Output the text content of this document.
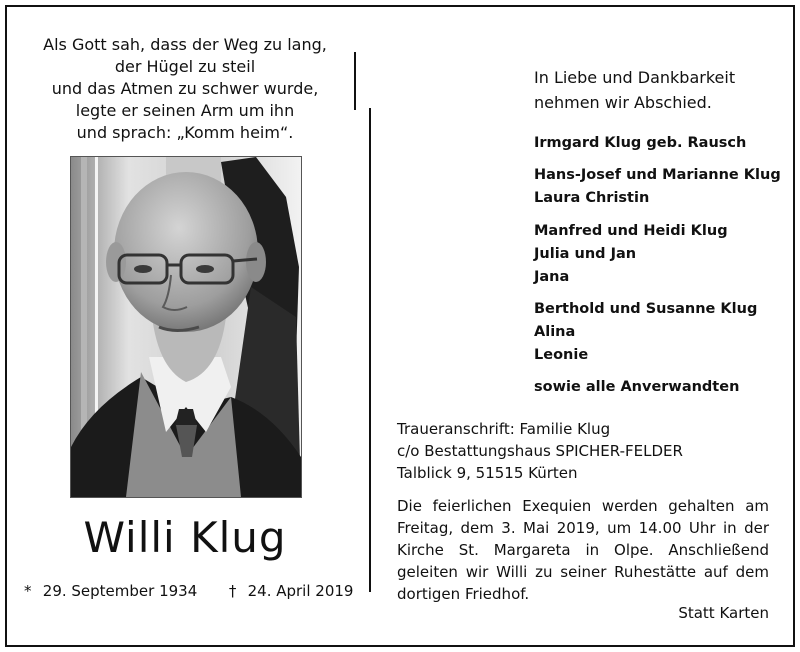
Als Gott sah, dass der Weg zu lang,
der Hügel zu steil
und das Atmen zu schwer wurde,
legte er seinen Arm um ihn
und sprach: „Komm heim“.
Willi Klug
* 29. September 1934 † 24. April 2019
In Liebe und Dankbarkeit
nehmen wir Abschied.
Irmgard Klug geb. Rausch
Hans-Josef und Marianne Klug
Laura Christin
Manfred und Heidi Klug
Julia und Jan
Jana
Berthold und Susanne Klug
Alina
Leonie
sowie alle Anverwandten
Traueranschrift: Familie Klug
c/o Bestattungshaus SPICHER-FELDER
Talblick 9, 51515 Kürten
Die feierlichen Exequien werden gehalten am
Freitag, dem 3. Mai 2019, um 14.00 Uhr in der
Kirche St. Margareta in Olpe. Anschließend
geleiten wir Willi zu seiner Ruhestätte auf dem
dortigen Friedhof.
Statt Karten
